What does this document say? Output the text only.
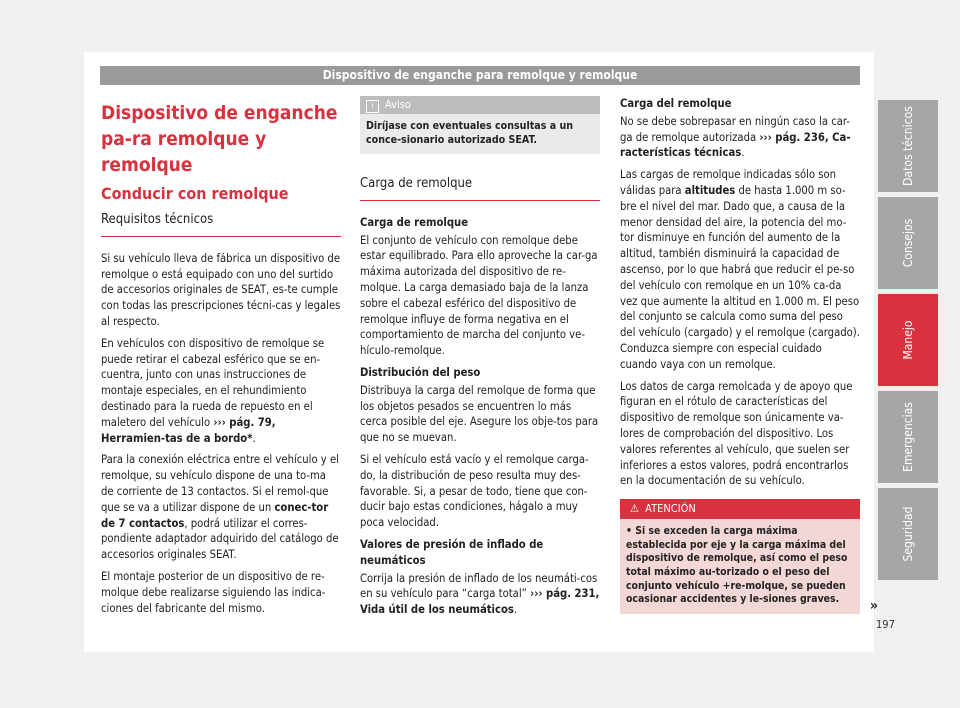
Dispositivo de enganche para remolque y remolque
Dispositivo de enganche pa-ra remolque y remolque
Conducir con remolque
Requisitos técnicos

Si su vehículo lleva de fábrica un dispositivo de remolque o está equipado con uno del surtido de accesorios originales de SEAT, es-te cumple con todas las prescripciones técni-cas y legales al respecto.

En vehículos con dispositivo de remolque se puede retirar el cabezal esférico que se en-cuentra, junto con unas instrucciones de montaje especiales, en el rehundimiento destinado para la rueda de repuesto en el maletero del vehículo ››› pág. 79, Herramien-tas de a bordo*.

Para la conexión eléctrica entre el vehículo y el remolque, su vehículo dispone de una to-ma de corriente de 13 contactos. Si el remol-que que se va a utilizar dispone de un conec-tor de 7 contactos, podrá utilizar el corres-pondiente adaptador adquirido del catálogo de accesorios originales SEAT.

El montaje posterior de un dispositivo de re-molque debe realizarse siguiendo las indica-ciones del fabricante del mismo.

i Aviso
Diríjase con eventuales consultas a un conce-sionario autorizado SEAT.
Carga de remolque

Carga de remolque

El conjunto de vehículo con remolque debe estar equilibrado. Para ello aproveche la car-ga máxima autorizada del dispositivo de re-molque. La carga demasiado baja de la lanza sobre el cabezal esférico del dispositivo de remolque influye de forma negativa en el comportamiento de marcha del conjunto ve-hículo-remolque.

Distribución del peso

Distribuya la carga del remolque de forma que los objetos pesados se encuentren lo más cerca posible del eje. Asegure los obje-tos para que no se muevan.

Si el vehículo está vacío y el remolque carga-do, la distribución de peso resulta muy des-favorable. Si, a pesar de todo, tiene que con-ducir bajo estas condiciones, hágalo a muy poca velocidad.

Valores de presión de inflado de neumáticos

Corrija la presión de inflado de los neumáti-cos en su vehículo para “carga total” ››› pág. 231, Vida útil de los neumáticos.

Carga del remolque

No se debe sobrepasar en ningún caso la car-ga de remolque autorizada ››› pág. 236, Ca-racterísticas técnicas.

Las cargas de remolque indicadas sólo son válidas para altitudes de hasta 1.000 m so-bre el nivel del mar. Dado que, a causa de la menor densidad del aire, la potencia del mo-tor disminuye en función del aumento de la altitud, también disminuirá la capacidad de ascenso, por lo que habrá que reducir el pe-so del vehículo con remolque en un 10% ca-da vez que aumente la altitud en 1.000 m. El peso del conjunto se calcula como suma del peso del vehículo (cargado) y el remolque (cargado). Conduzca siempre con especial cuidado cuando vaya con un remolque.

Los datos de carga remolcada y de apoyo que figuran en el rótulo de características del dispositivo de remolque son únicamente va-lores de comprobación del dispositivo. Los valores referentes al vehículo, que suelen ser inferiores a estos valores, podrá encontrarlos en la documentación de su vehículo.

⚠ ATENCIÓN
• Si se exceden la carga máxima establecida por eje y la carga máxima del dispositivo de remolque, así como el peso total máximo au-torizado o el peso del conjunto vehículo +re-molque, se pueden ocasionar accidentes y le-siones graves. »
Datos técnicos
Consejos
Manejo
Emergencias
Seguridad
197
